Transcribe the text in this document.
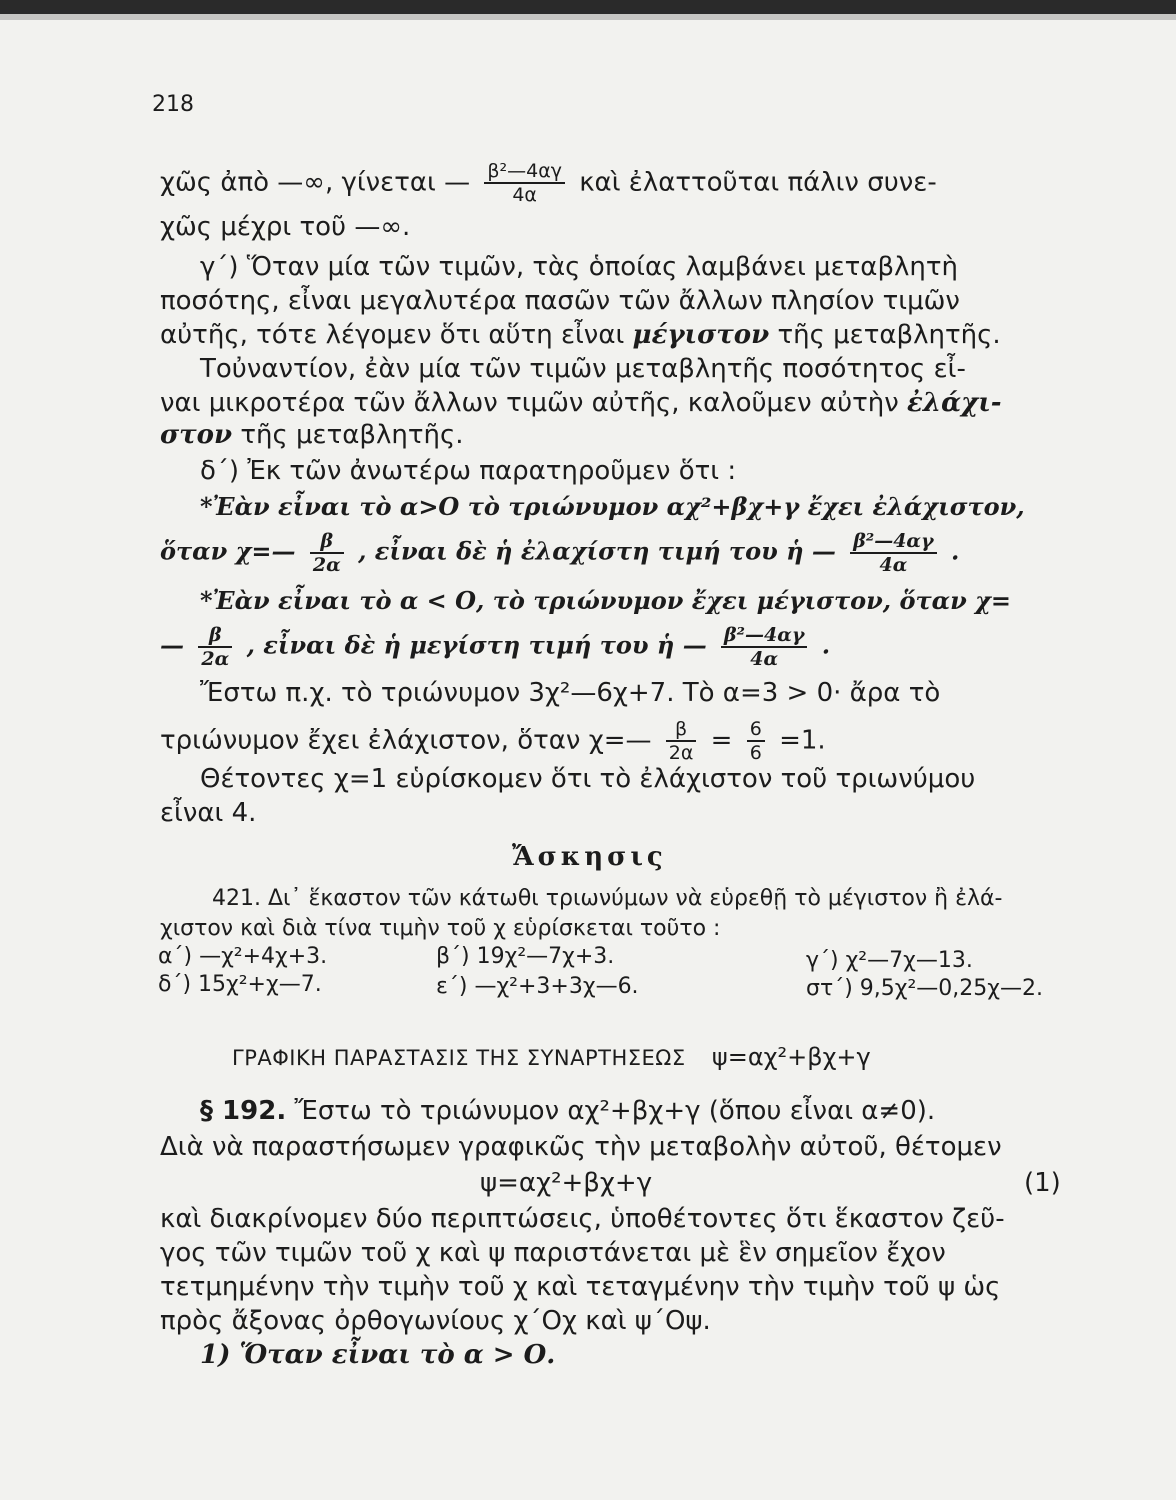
218
χῶς ἀπὸ —∞, γίνεται — $\frac{\text{β²—4αγ}}{4\alpha}$ καὶ ἐλαττοῦται πάλιν συνε-
χῶς μέχρι τοῦ —∞.
γ΄) Ὅταν μία τῶν τιμῶν, τὰς ὁποίας λαμβάνει μεταβλητὴ
ποσότης, εἶναι μεγαλυτέρα πασῶν τῶν ἄλλων πλησίον τιμῶν
αὐτῆς, τότε λέγομεν ὅτι αὕτη εἶναι μέγιστον τῆς μεταβλητῆς.
Τοὐναντίον, ἐὰν μία τῶν τιμῶν μεταβλητῆς ποσότητος εἶ-
ναι μικροτέρα τῶν ἄλλων τιμῶν αὐτῆς, καλοῦμεν αὐτὴν ἐλάχι-
στον τῆς μεταβλητῆς.
δ΄) Ἐκ τῶν ἀνωτέρω παρατηροῦμεν ὅτι :
*Ἐὰν εἶναι τὸ α>Ο τὸ τριώνυμον αχ²+βχ+γ ἔχει ἐλάχιστον,
ὅταν χ=— $\frac{\beta}{2\alpha}$ , εἶναι δὲ ἡ ἐλαχίστη τιμή του ἡ — $\frac{\text{β²—4αγ}}{4\alpha}$ .
*Ἐὰν εἶναι τὸ α < Ο, τὸ τριώνυμον ἔχει μέγιστον, ὅταν χ=
— $\frac{\beta}{2\alpha}$ , εἶναι δὲ ἡ μεγίστη τιμή του ἡ — $\frac{\text{β²—4αγ}}{4\alpha}$ .
Ἔστω π.χ. τὸ τριώνυμον 3χ²—6χ+7. Τὸ α=3 > 0· ἄρα τὸ
τριώνυμον ἔχει ἐλάχιστον, ὅταν χ=— $\frac{\beta}{2\alpha} = \frac{6}{6} =1$.
Θέτοντες χ=1 εὑρίσκομεν ὅτι τὸ ἐλάχιστον τοῦ τριωνύμου
εἶναι 4.
Ἄσκησις
421. Δι᾽ ἕκαστον τῶν κάτωθι τριωνύμων νὰ εὑρεθῇ τὸ μέγιστον ἢ ἐλά-
χιστον καὶ διὰ τίνα τιμὴν τοῦ χ εὑρίσκεται τοῦτο :
α΄) —χ²+4χ+3.	β΄) 19χ²—7χ+3.	γ΄) χ²—7χ—13.
δ΄) 15χ²+χ—7.	ε΄) —χ²+3+3χ—6.	στ΄) 9,5χ²—0,25χ—2.
ΓΡΑΦΙΚΗ ΠΑΡΑΣΤΑΣΙΣ ΤΗΣ ΣΥΝΑΡΤΗΣΕΩΣ ψ=αχ²+βχ+γ
§ 192. Ἔστω τὸ τριώνυμον αχ²+βχ+γ (ὅπου εἶναι α≠0).
Διὰ νὰ παραστήσωμεν γραφικῶς τὴν μεταβολὴν αὐτοῦ, θέτομεν
ψ=αχ²+βχ+γ	(1)
καὶ διακρίνομεν δύο περιπτώσεις, ὑποθέτοντες ὅτι ἕκαστον ζεῦ-
γος τῶν τιμῶν τοῦ χ καὶ ψ παριστάνεται μὲ ἓν σημεῖον ἔχον
τετμημένην τὴν τιμὴν τοῦ χ καὶ τεταγμένην τὴν τιμὴν τοῦ ψ ὡς
πρὸς ἄξονας ὀρθογωνίους χ΄Οχ καὶ ψ΄Οψ.
1) Ὅταν εἶναι τὸ α > Ο.
